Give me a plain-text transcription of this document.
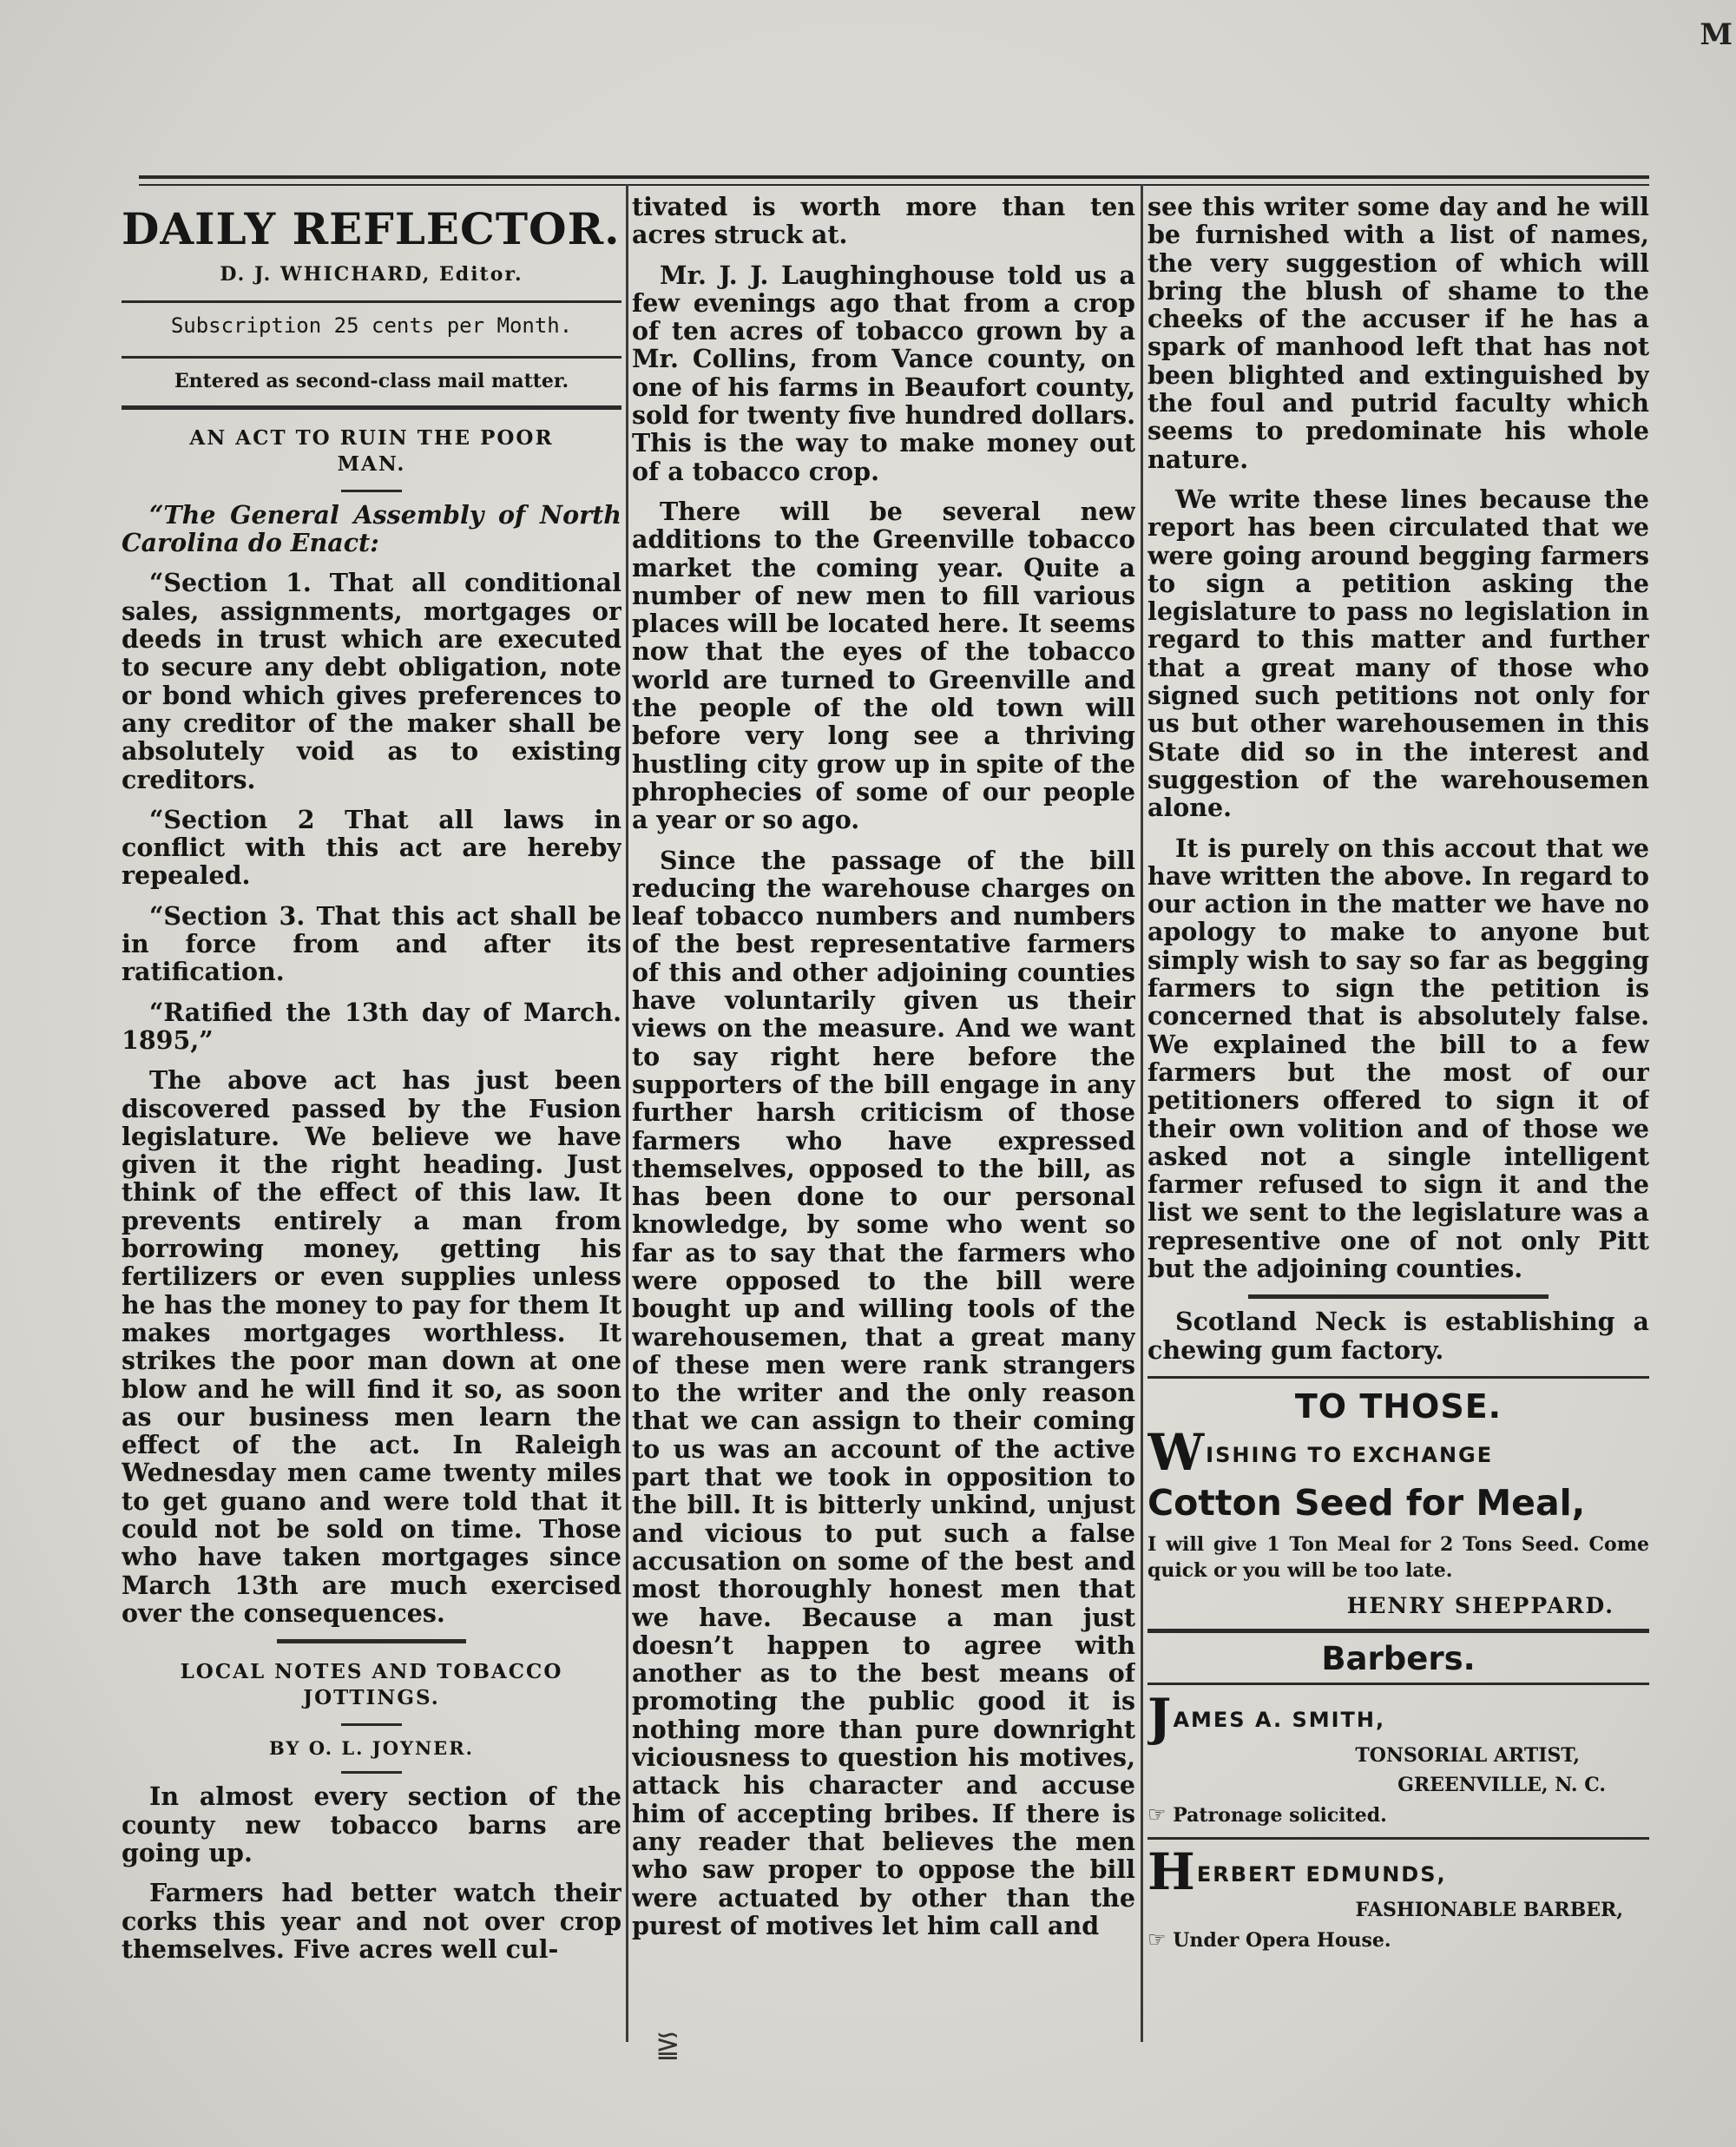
M
DAILY REFLECTOR.
D. J. WHICHARD, Editor.
Subscription 25 cents per Month.
Entered as second-class mail matter.
AN ACT TO RUIN THE POOR
MAN.

“The General Assembly of North Carolina do Enact:

“Section 1. That all conditional sales, assignments, mortgages or deeds in trust which are executed to secure any debt obligation, note or bond which gives preferences to any creditor of the maker shall be absolutely void as to existing creditors.

“Section 2 That all laws in conflict with this act are hereby repealed.

“Section 3. That this act shall be in force from and after its ratification.

“Ratified the 13th day of March. 1895,”

The above act has just been discovered passed by the Fusion legislature. We believe we have given it the right heading. Just think of the effect of this law. It prevents entirely a man from borrowing money, getting his fertilizers or even supplies unless he has the money to pay for them It makes mortgages worthless. It strikes the poor man down at one blow and he will find it so, as soon as our business men learn the effect of the act. In Raleigh Wednesday men came twenty miles to get guano and were told that it could not be sold on time. Those who have taken mortgages since March 13th are much exercised over the consequences.

LOCAL NOTES AND TOBACCO
JOTTINGS.
BY O. L. JOYNER.

In almost every section of the county new tobacco barns are going up.

Farmers had better watch their corks this year and not over crop themselves. Five acres well cul-

tivated is worth more than ten acres struck at.

Mr. J. J. Laughinghouse told us a few evenings ago that from a crop of ten acres of tobacco grown by a Mr. Collins, from Vance county, on one of his farms in Beaufort county, sold for twenty five hundred dollars. This is the way to make money out of a tobacco crop.

There will be several new additions to the Greenville tobacco market the coming year. Quite a number of new men to fill various places will be located here. It seems now that the eyes of the tobacco world are turned to Greenville and the people of the old town will before very long see a thriving hustling city grow up in spite of the phrophecies of some of our people a year or so ago.

Since the passage of the bill reducing the warehouse charges on leaf tobacco numbers and numbers of the best representative farmers of this and other adjoining counties have voluntarily given us their views on the measure. And we want to say right here before the supporters of the bill engage in any further harsh criticism of those farmers who have expressed themselves, opposed to the bill, as has been done to our personal knowledge, by some who went so far as to say that the farmers who were opposed to the bill were bought up and willing tools of the warehousemen, that a great many of these men were rank strangers to the writer and the only reason that we can assign to their coming to us was an account of the active part that we took in opposition to the bill. It is bitterly unkind, unjust and vicious to put such a false accusation on some of the best and most thoroughly honest men that we have. Because a man just doesn’t happen to agree with another as to the best means of promoting the public good it is nothing more than pure downright viciousness to question his motives, attack his character and accuse him of accepting bribes. If there is any reader that believes the men who saw proper to oppose the bill were actuated by other than the purest of motives let him call and

see this writer some day and he will be furnished with a list of names, the very suggestion of which will bring the blush of shame to the cheeks of the accuser if he has a spark of manhood left that has not been blighted and extinguished by the foul and putrid faculty which seems to predominate his whole nature.

We write these lines because the report has been circulated that we were going around begging farmers to sign a petition asking the legislature to pass no legislation in regard to this matter and further that a great many of those who signed such petitions not only for us but other warehousemen in this State did so in the interest and suggestion of the warehousemen alone.

It is purely on this accout that we have written the above. In regard to our action in the matter we have no apology to make to anyone but simply wish to say so far as begging farmers to sign the petition is concerned that is absolutely false. We explained the bill to a few farmers but the most of our petitioners offered to sign it of their own volition and of those we asked not a single intelligent farmer refused to sign it and the list we sent to the legislature was a representive one of not only Pitt but the adjoining counties.

Scotland Neck is establishing a chewing gum factory.

TO THOSE.
W ISHING TO EXCHANGE
Cotton Seed for Meal,
I will give 1 Ton Meal for 2 Tons Seed. Come quick or you will be too late.
HENRY SHEPPARD.
Barbers.
J AMES A. SMITH,
TONSORIAL ARTIST,
GREENVILLE, N. C.
☞ Patronage solicited.
H ERBERT EDMUNDS,
FASHIONABLE BARBER,
☞ Under Opera House.
⪠
